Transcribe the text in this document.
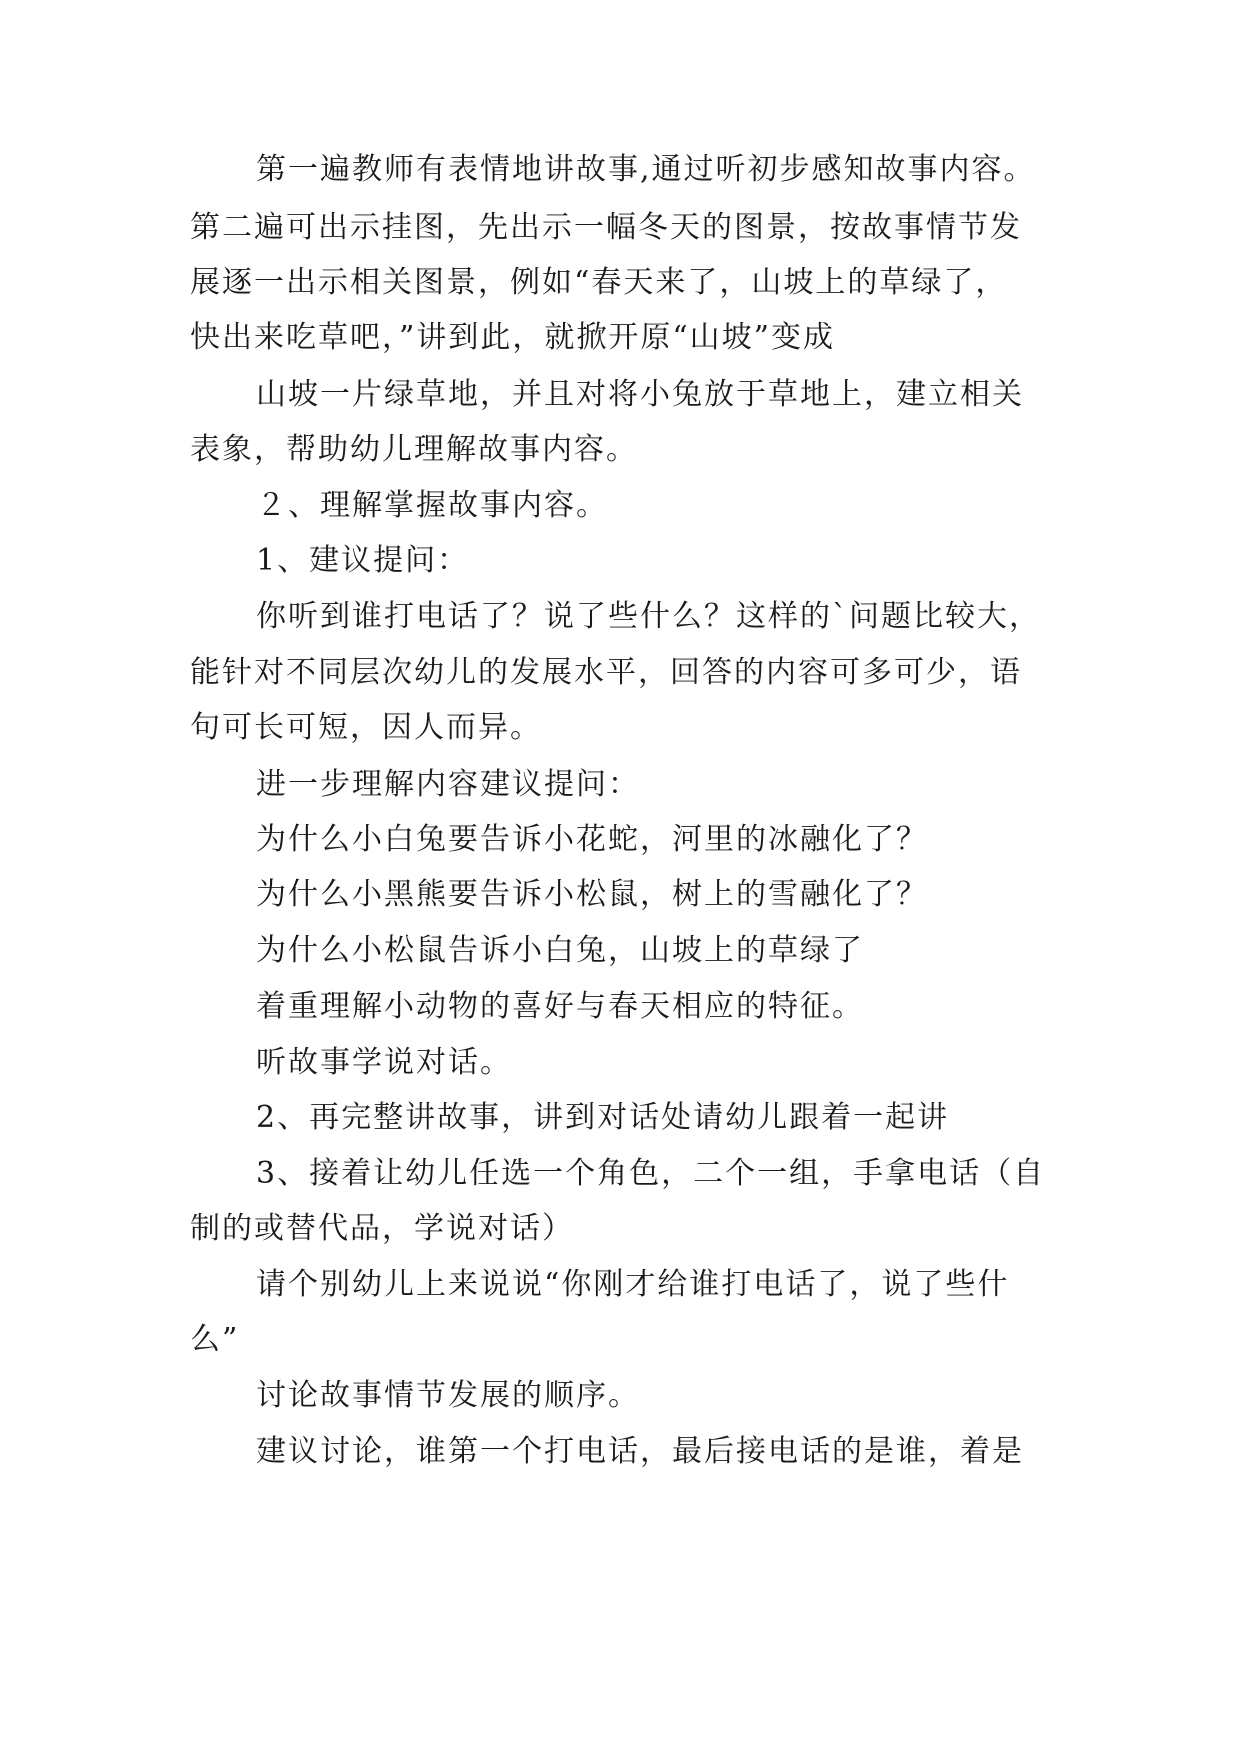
第一遍教师有表情地讲故事,通过听初步感知故事内容。
第二遍可出示挂图，先出示一幅冬天的图景，按故事情节发
展逐一出示相关图景，例如“春天来了，山坡上的草绿了，
快出来吃草吧，”讲到此，就掀开原“山坡”变成
山坡一片绿草地，并且对将小兔放于草地上，建立相关
表象，帮助幼儿理解故事内容。
２、理解掌握故事内容。
1、建议提问：
你听到谁打电话了？说了些什么？这样的`问题比较大，
能针对不同层次幼儿的发展水平，回答的内容可多可少，语
句可长可短，因人而异。
进一步理解内容建议提问：
为什么小白兔要告诉小花蛇，河里的冰融化了？
为什么小黑熊要告诉小松鼠，树上的雪融化了？
为什么小松鼠告诉小白兔，山坡上的草绿了
着重理解小动物的喜好与春天相应的特征。
听故事学说对话。
2、再完整讲故事，讲到对话处请幼儿跟着一起讲
3、接着让幼儿任选一个角色，二个一组，手拿电话（自
制的或替代品，学说对话）
请个别幼儿上来说说“你刚才给谁打电话了，说了些什
么”
讨论故事情节发展的顺序。
建议讨论，谁第一个打电话，最后接电话的是谁，着是
